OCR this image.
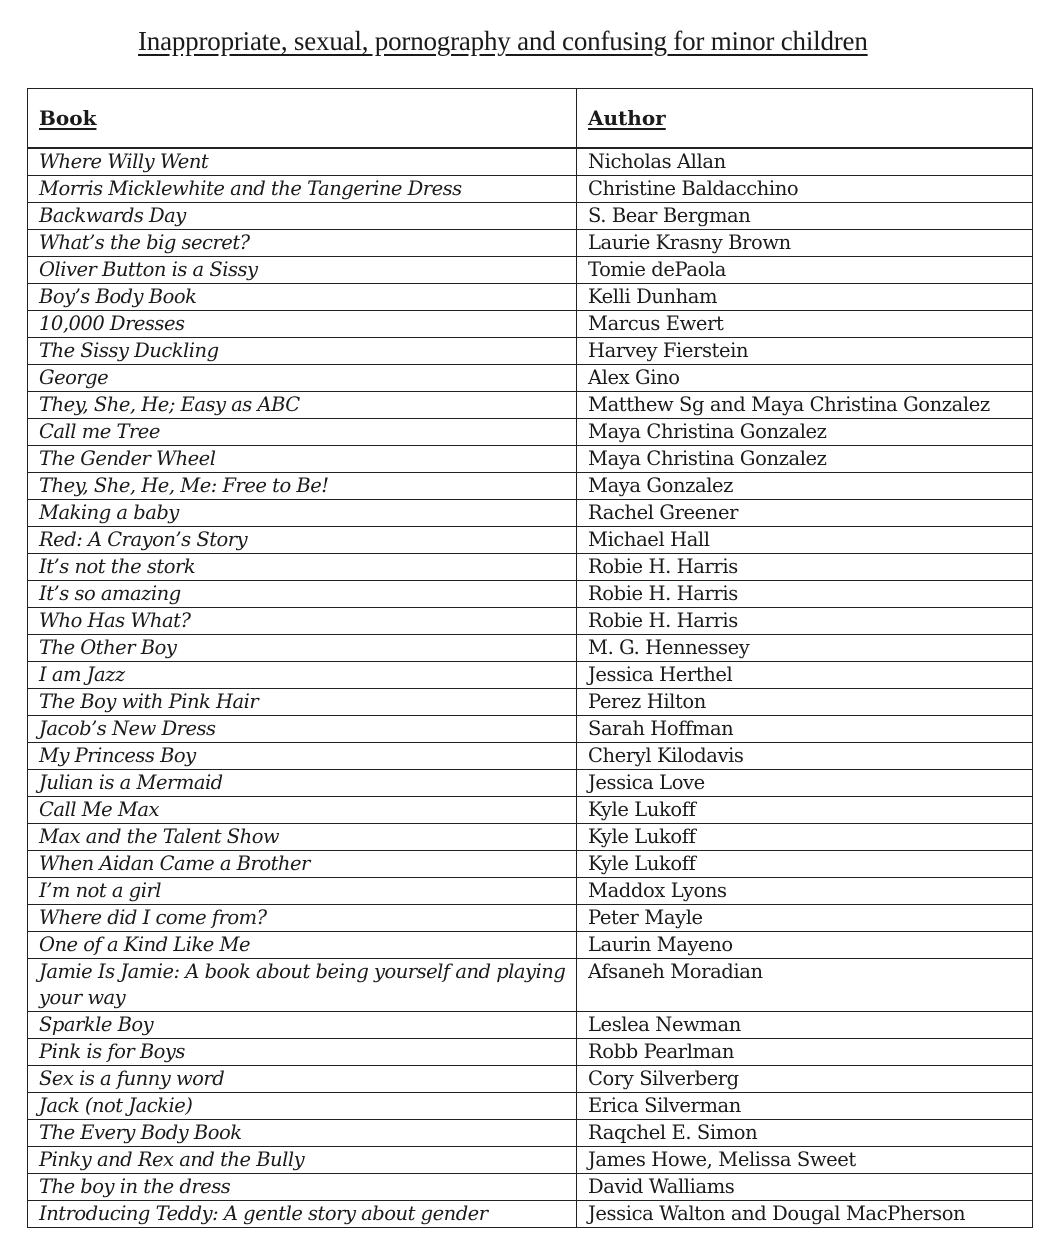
Inappropriate, sexual, pornography and confusing for minor children
Book	Author
Where Willy Went	Nicholas Allan
Morris Micklewhite and the Tangerine Dress	Christine Baldacchino
Backwards Day	S. Bear Bergman
What’s the big secret?	Laurie Krasny Brown
Oliver Button is a Sissy	Tomie dePaola
Boy’s Body Book	Kelli Dunham
10,000 Dresses	Marcus Ewert
The Sissy Duckling	Harvey Fierstein
George	Alex Gino
They, She, He; Easy as ABC	Matthew Sg and Maya Christina Gonzalez
Call me Tree	Maya Christina Gonzalez
The Gender Wheel	Maya Christina Gonzalez
They, She, He, Me: Free to Be!	Maya Gonzalez
Making a baby	Rachel Greener
Red: A Crayon’s Story	Michael Hall
It’s not the stork	Robie H. Harris
It’s so amazing	Robie H. Harris
Who Has What?	Robie H. Harris
The Other Boy	M. G. Hennessey
I am Jazz	Jessica Herthel
The Boy with Pink Hair	Perez Hilton
Jacob’s New Dress	Sarah Hoffman
My Princess Boy	Cheryl Kilodavis
Julian is a Mermaid	Jessica Love
Call Me Max	Kyle Lukoff
Max and the Talent Show	Kyle Lukoff
When Aidan Came a Brother	Kyle Lukoff
I’m not a girl	Maddox Lyons
Where did I come from?	Peter Mayle
One of a Kind Like Me	Laurin Mayeno
Jamie Is Jamie: A book about being yourself and playing your way	Afsaneh Moradian
Sparkle Boy	Leslea Newman
Pink is for Boys	Robb Pearlman
Sex is a funny word	Cory Silverberg
Jack (not Jackie)	Erica Silverman
The Every Body Book	Raqchel E. Simon
Pinky and Rex and the Bully	James Howe, Melissa Sweet
The boy in the dress	David Walliams
Introducing Teddy: A gentle story about gender	Jessica Walton and Dougal MacPherson
